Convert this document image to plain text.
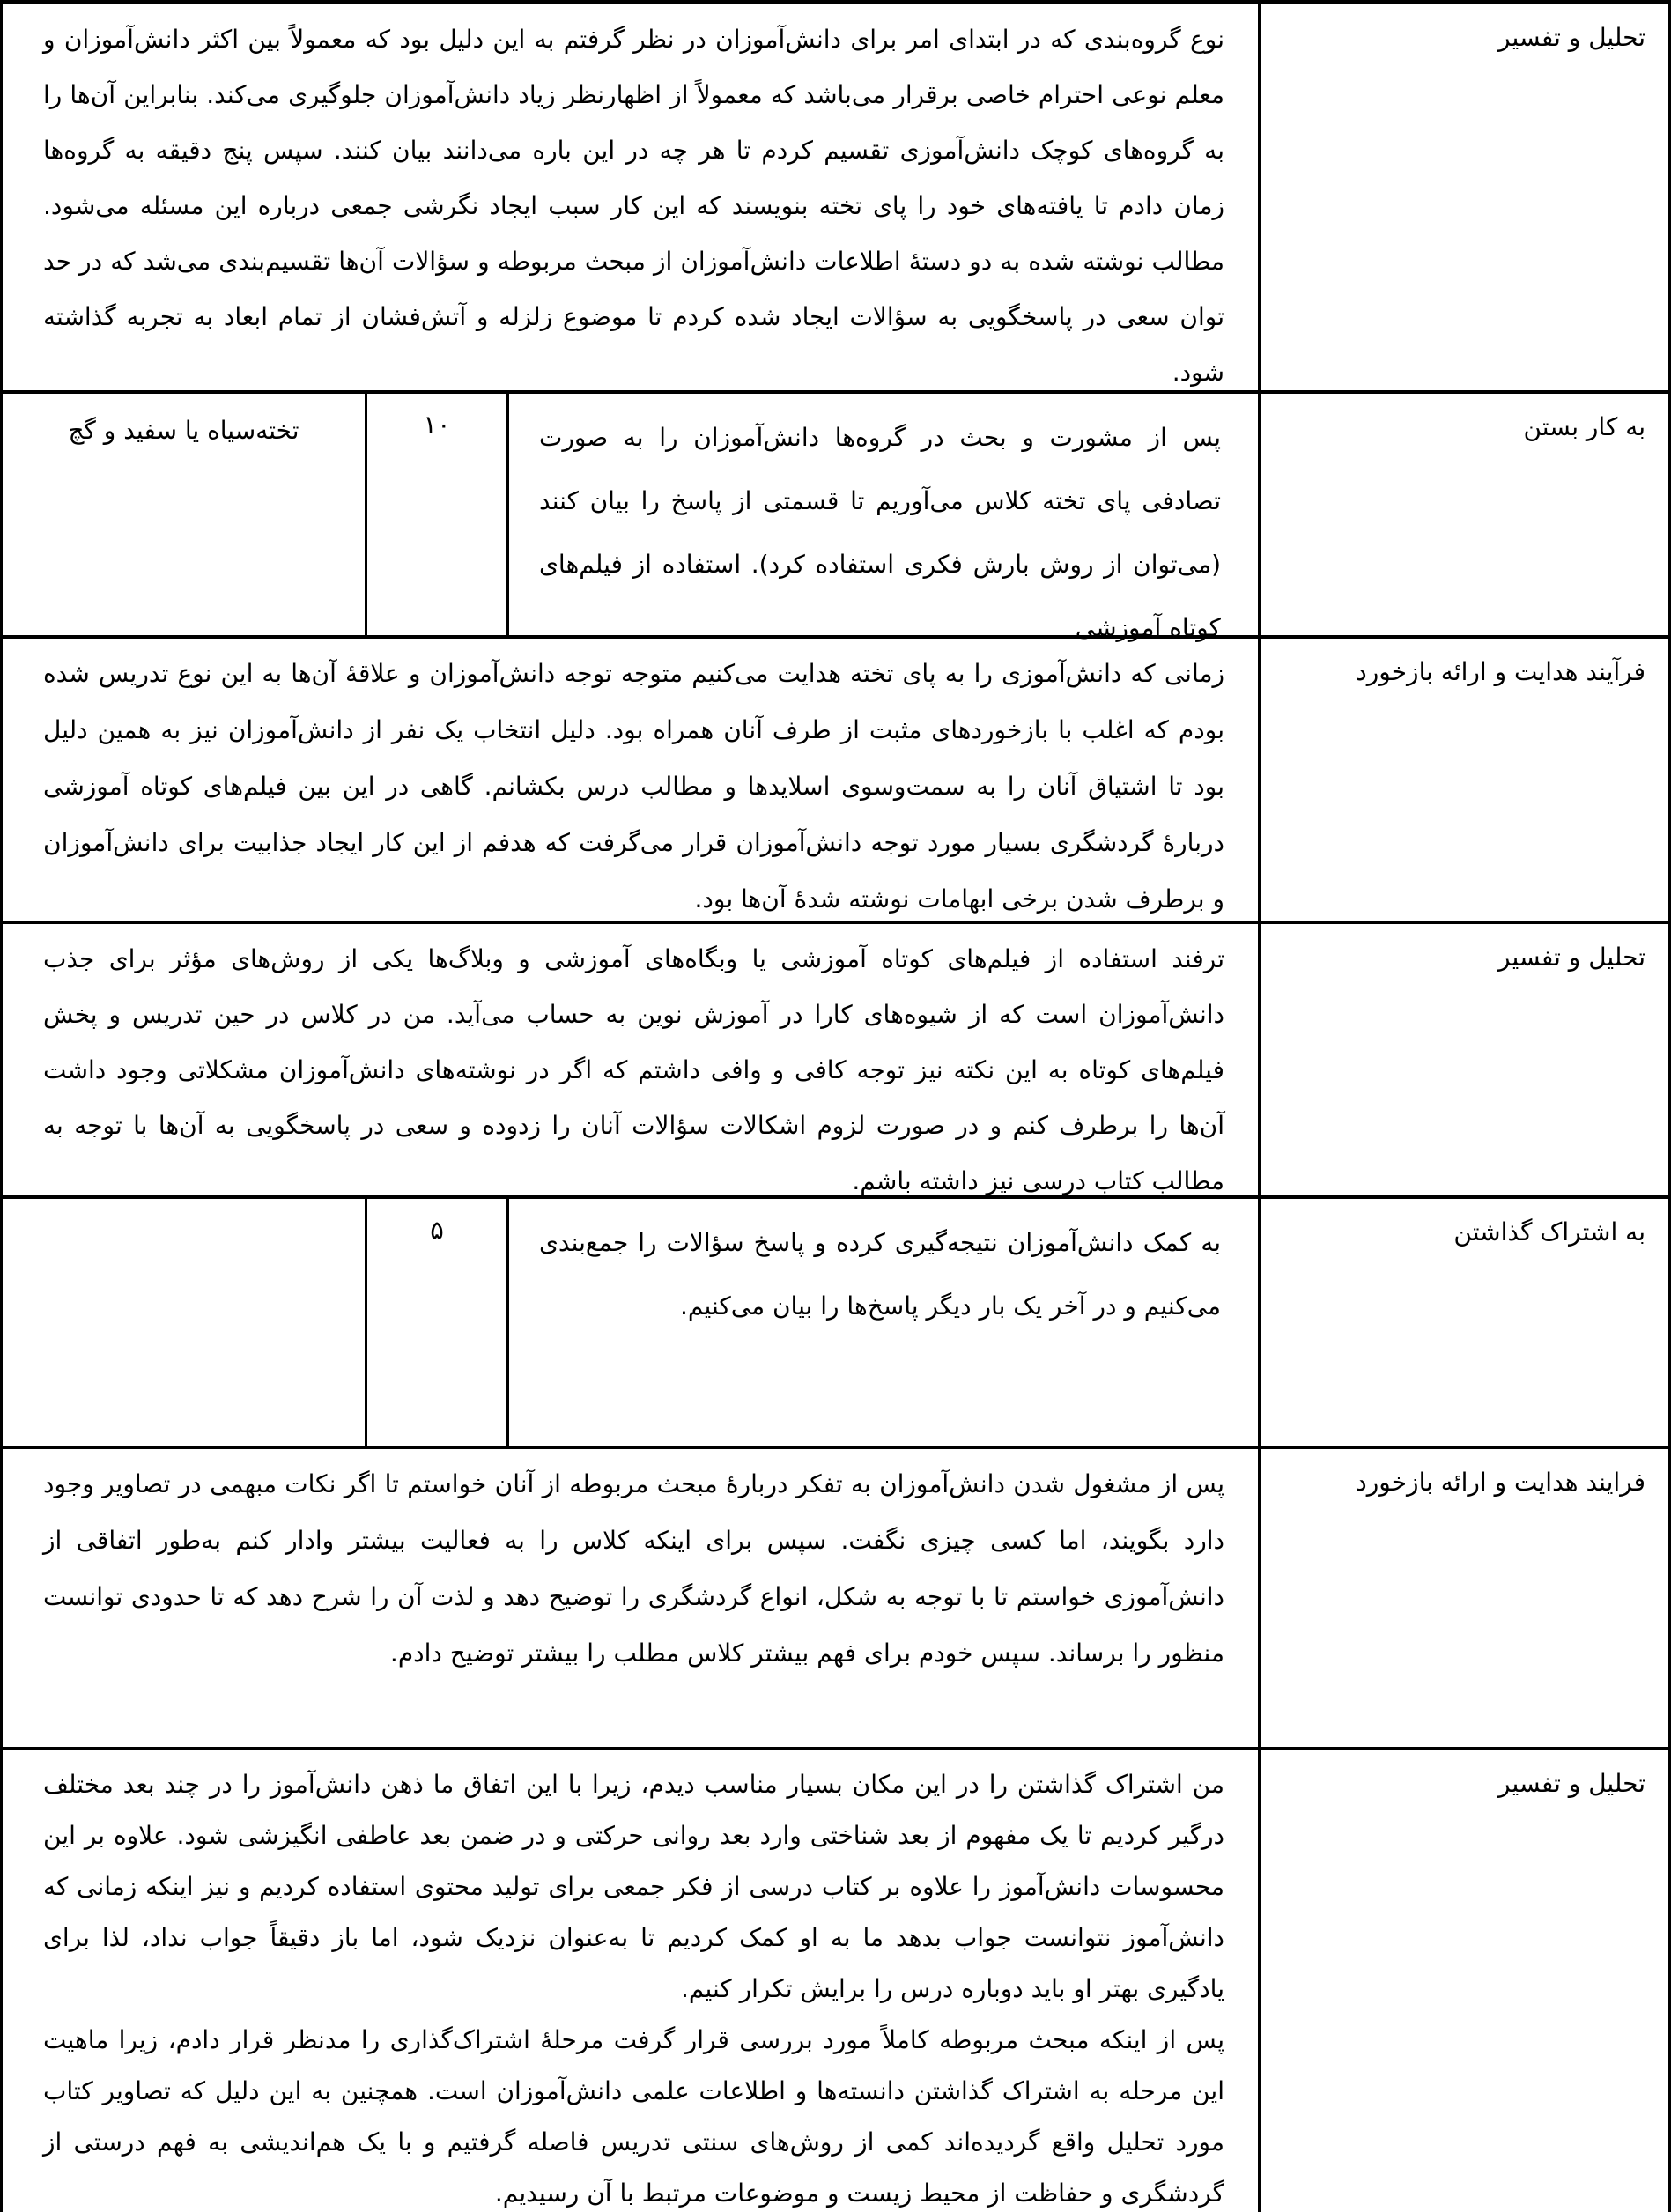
تحلیل و تفسیر
نوع گروه‌بندی که در ابتدای امر برای دانش‌آموزان در نظر گرفتم به این دلیل بود که معمولاً بین اکثر دانش‌آموزان و معلم نوعی احترام خاصی برقرار می‌باشد که معمولاً از اظهارنظر زیاد دانش‌آموزان جلوگیری می‌کند. بنابراین آن‌ها را به گروه‌های کوچک دانش‌آموزی تقسیم کردم تا هر چه در این باره می‌دانند بیان کنند. سپس پنج دقیقه به گروه‌ها زمان دادم تا یافته‌های خود را پای تخته بنویسند که این کار سبب ایجاد نگرشی جمعی درباره این مسئله می‌شود. مطالب نوشته شده به دو دستهٔ اطلاعات دانش‌آموزان از مبحث مربوطه و سؤالات آن‌ها تقسیم‌بندی می‌شد که در حد توان سعی در پاسخگویی به سؤالات ایجاد شده کردم تا موضوع زلزله و آتش‌فشان از تمام ابعاد به تجربه گذاشته شود.
به کار بستن
پس از مشورت و بحث در گروه‌ها دانش‌آموزان را به صورت تصادفی پای تخته کلاس می‌آوریم تا قسمتی از پاسخ را بیان کنند (می‌توان از روش بارش فکری استفاده کرد). استفاده از فیلم‌های کوتاه آموزشی
۱۰
تخته‌سیاه یا سفید و گچ
فرآیند هدایت و ارائه بازخورد
زمانی که دانش‌آموزی را به پای تخته هدایت می‌کنیم متوجه توجه دانش‌آموزان و علاقهٔ آن‌ها به این نوع تدریس شده بودم که اغلب با بازخوردهای مثبت از طرف آنان همراه بود. دلیل انتخاب یک نفر از دانش‌آموزان نیز به همین دلیل بود تا اشتیاق آنان را به سمت‌وسوی اسلایدها و مطالب درس بکشانم. گاهی در این بین فیلم‌های کوتاه آموزشی دربارهٔ گردشگری بسیار مورد توجه دانش‌آموزان قرار می‌گرفت که هدفم از این کار ایجاد جذابیت برای دانش‌آموزان و برطرف شدن برخی ابهامات نوشته شدهٔ آن‌ها بود.
تحلیل و تفسیر
ترفند استفاده از فیلم‌های کوتاه آموزشی یا وبگاه‌های آموزشی و وبلاگ‌ها یکی از روش‌های مؤثر برای جذب دانش‌آموزان است که از شیوه‌های کارا در آموزش نوین به حساب می‌آید. من در کلاس در حین تدریس و پخش فیلم‌های کوتاه به این نکته نیز توجه کافی و وافی داشتم که اگر در نوشته‌های دانش‌آموزان مشکلاتی وجود داشت آن‌ها را برطرف کنم و در صورت لزوم اشکالات سؤالات آنان را زدوده و سعی در پاسخگویی به آن‌ها با توجه به مطالب کتاب درسی نیز داشته باشم.
به اشتراک گذاشتن
به کمک دانش‌آموزان نتیجه‌گیری کرده و پاسخ سؤالات را جمع‌بندی می‌کنیم و در آخر یک بار دیگر پاسخ‌ها را بیان می‌کنیم.
۵
فرایند هدایت و ارائه بازخورد
پس از مشغول شدن دانش‌آموزان به تفکر دربارهٔ مبحث مربوطه از آنان خواستم تا اگر نکات مبهمی در تصاویر وجود دارد بگویند، اما کسی چیزی نگفت. سپس برای اینکه کلاس را به فعالیت بیشتر وادار کنم به‌طور اتفاقی از دانش‌آموزی خواستم تا با توجه به شکل، انواع گردشگری را توضیح دهد و لذت آن را شرح دهد که تا حدودی توانست منظور را برساند. سپس خودم برای فهم بیشتر کلاس مطلب را بیشتر توضیح دادم.
تحلیل و تفسیر

من اشتراک گذاشتن را در این مکان بسیار مناسب دیدم، زیرا با این اتفاق ما ذهن دانش‌آموز را در چند بعد مختلف درگیر کردیم تا یک مفهوم از بعد شناختی وارد بعد روانی حرکتی و در ضمن بعد عاطفی انگیزشی شود. علاوه بر این محسوسات دانش‌آموز را علاوه بر کتاب درسی از فکر جمعی برای تولید محتوی استفاده کردیم و نیز اینکه زمانی که دانش‌آموز نتوانست جواب بدهد ما به او کمک کردیم تا به‌عنوان نزدیک شود، اما باز دقیقاً جواب نداد، لذا برای یادگیری بهتر او باید دوباره درس را برایش تکرار کنیم.

پس از اینکه مبحث مربوطه کاملاً مورد بررسی قرار گرفت مرحلهٔ اشتراک‌گذاری را مدنظر قرار دادم، زیرا ماهیت این مرحله به اشتراک گذاشتن دانسته‌ها و اطلاعات علمی دانش‌آموزان است. همچنین به این دلیل که تصاویر کتاب مورد تحلیل واقع گردیده‌اند کمی از روش‌های سنتی تدریس فاصله گرفتیم و با یک هم‌اندیشی به فهم درستی از گردشگری و حفاظت از محیط زیست و موضوعات مرتبط با آن رسیدیم.
